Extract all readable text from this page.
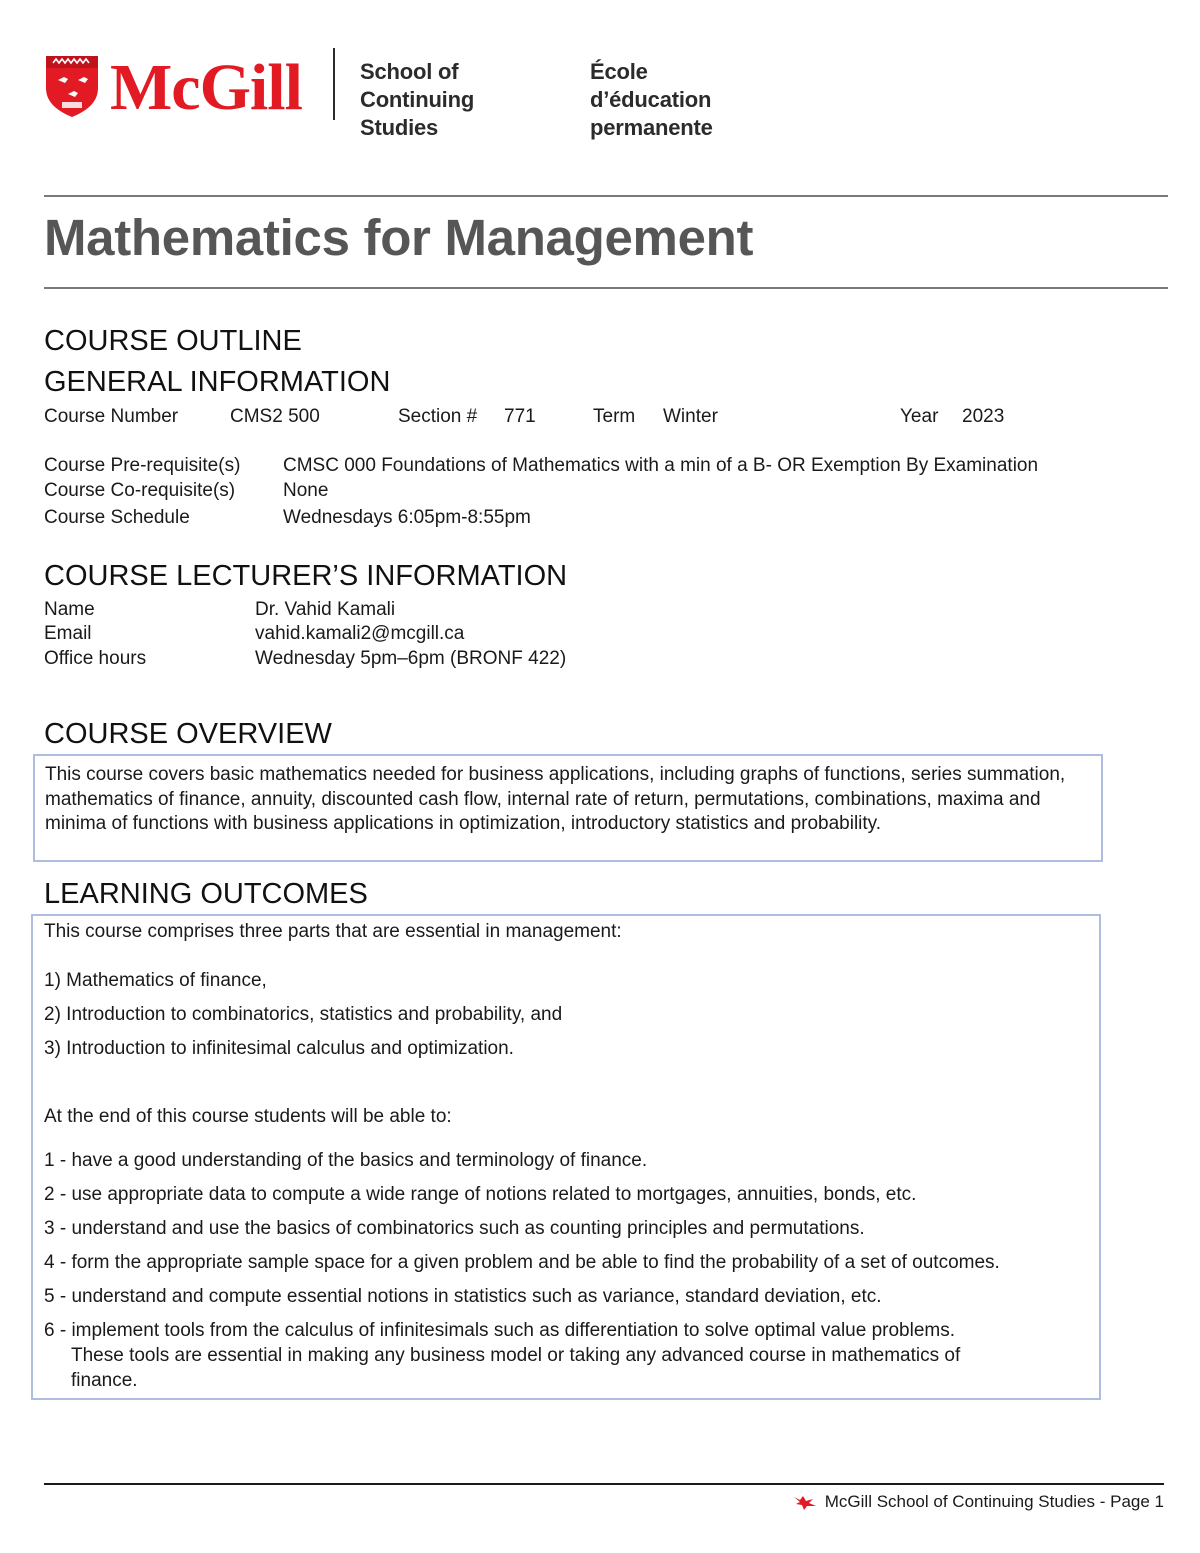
McGill	School of
Continuing Studies
École
d’éducation permanente
Mathematics for Management
COURSE OUTLINE
GENERAL INFORMATION
Course Number	CMS2 500	Section # 771	Term Winter	Year 2023
Course Pre-requisite(s) CMSC 000 Foundations of Mathematics with a min of a B- OR Exemption By Examination
Course Co-requisite(s)	None
Course Schedule	Wednesdays 6:05pm-8:55pm
COURSE LECTURER’S INFORMATION
Name	Dr. Vahid Kamali
Email	vahid.kamali2@mcgill.ca
Office hours	Wednesday 5pm–6pm (BRONF 422)
COURSE OVERVIEW
This course covers basic mathematics needed for business applications, including graphs of functions, series summation, mathematics of finance, annuity, discounted cash flow, internal rate of return, permutations, combinations, maxima and minima of functions with business applications in optimization, introductory statistics and probability.
LEARNING OUTCOMES
This course comprises three parts that are essential in management:
1) Mathematics of finance,
2) Introduction to combinatorics, statistics and probability, and
3) Introduction to infinitesimal calculus and optimization.
At the end of this course students will be able to:
1 - have a good understanding of the basics and terminology of finance.
2 - use appropriate data to compute a wide range of notions related to mortgages, annuities, bonds, etc.
3 - understand and use the basics of combinatorics such as counting principles and permutations.
4 - form the appropriate sample space for a given problem and be able to find the probability of a set of outcomes.
5 - understand and compute essential notions in statistics such as variance, standard deviation, etc.
6 - implement tools from the calculus of infinitesimals such as differentiation to solve optimal value problems.
These tools are essential in making any business model or taking any advanced course in mathematics of
finance.
McGill School of Continuing Studies - Page 1
